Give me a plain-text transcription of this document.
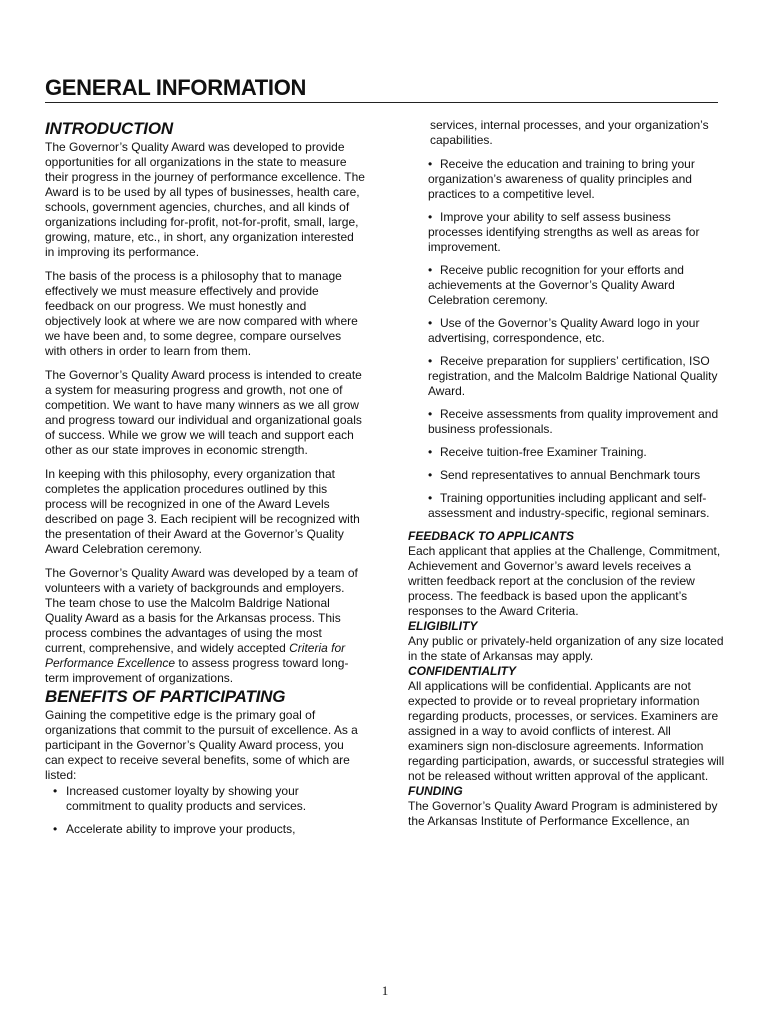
GENERAL INFORMATION
INTRODUCTION

The Governor’s Quality Award was developed to provide opportunities for all organizations in the state to measure their progress in the journey of performance excellence. The Award is to be used by all types of businesses, health care, schools, government agencies, churches, and all kinds of organizations including for-profit, not-for-profit, small, large, growing, mature, etc., in short, any organization interested in improving its performance.

The basis of the process is a philosophy that to manage effectively we must measure effectively and provide feedback on our progress. We must honestly and objectively look at where we are now compared with where we have been and, to some degree, compare ourselves with others in order to learn from them.

The Governor’s Quality Award process is intended to create a system for measuring progress and growth, not one of competition. We want to have many winners as we all grow and progress toward our individual and organizational goals of success. While we grow we will teach and support each other as our state improves in economic strength.

In keeping with this philosophy, every organization that completes the application procedures outlined by this process will be recognized in one of the Award Levels described on page 3. Each recipient will be recognized with the presentation of their Award at the Governor’s Quality Award Celebration ceremony.

The Governor’s Quality Award was developed by a team of volunteers with a variety of backgrounds and employers. The team chose to use the Malcolm Baldrige National Quality Award as a basis for the Arkansas process. This process combines the advantages of using the most current, comprehensive, and widely accepted Criteria for Performance Excellence to assess progress toward long-term improvement of organizations.

BENEFITS OF PARTICIPATING

Gaining the competitive edge is the primary goal of organizations that commit to the pursuit of excellence. As a participant in the Governor’s Quality Award process, you can expect to receive several benefits, some of which are listed:

• Increased customer loyalty by showing your commitment to quality products and services.
• Accelerate ability to improve your products,
services, internal processes, and your organization’s capabilities.
• Receive the education and training to bring your organization’s awareness of quality principles and practices to a competitive level.
• Improve your ability to self assess business processes identifying strengths as well as areas for improvement.
• Receive public recognition for your efforts and achievements at the Governor’s Quality Award Celebration ceremony.
• Use of the Governor’s Quality Award logo in your advertising, correspondence, etc.
• Receive preparation for suppliers’ certification, ISO registration, and the Malcolm Baldrige National Quality Award.
• Receive assessments from quality improvement and business professionals.
• Receive tuition-free Examiner Training.
• Send representatives to annual Benchmark tours
• Training opportunities including applicant and self-assessment and industry-specific, regional seminars.
FEEDBACK TO APPLICANTS

Each applicant that applies at the Challenge, Commitment, Achievement and Governor’s award levels receives a written feedback report at the conclusion of the review process. The feedback is based upon the applicant’s responses to the Award Criteria.

ELIGIBILITY

Any public or privately-held organization of any size located in the state of Arkansas may apply.

CONFIDENTIALITY

All applications will be confidential. Applicants are not expected to provide or to reveal proprietary information regarding products, processes, or services. Examiners are assigned in a way to avoid conflicts of interest. All examiners sign non-disclosure agreements. Information regarding participation, awards, or successful strategies will not be released without written approval of the applicant.

FUNDING

The Governor’s Quality Award Program is administered by the Arkansas Institute of Performance Excellence, an

1
